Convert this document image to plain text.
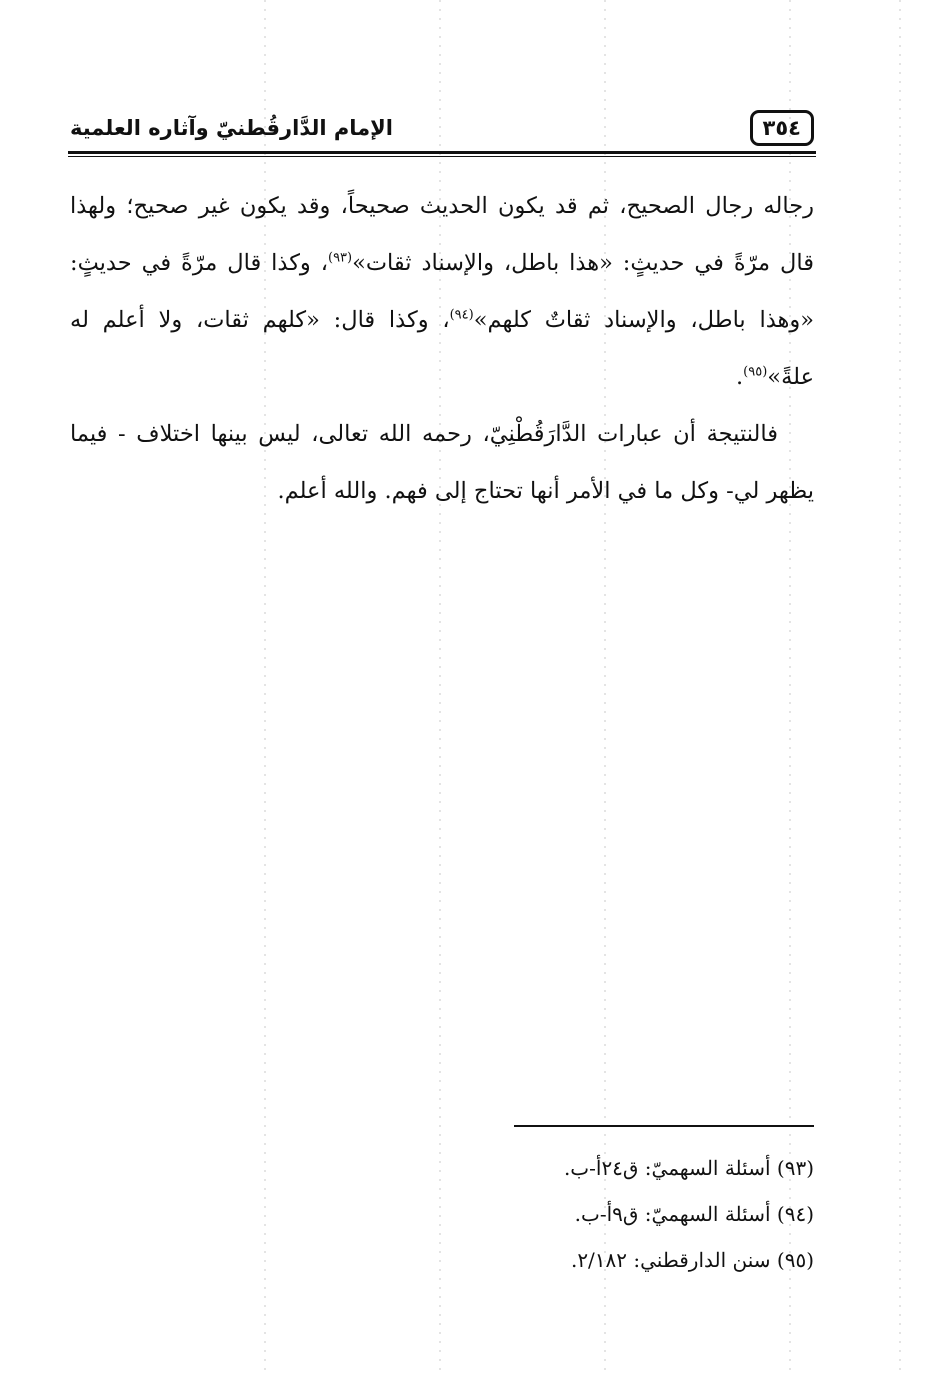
٣٥٤
الإمام الدَّارقُطنيّ وآثاره العلمية

رجاله رجال الصحيح، ثم قد يكون الحديث صحيحاً، وقد يكون غير صحيح؛ ولهذا قال مرّةً في حديثٍ: «هذا باطل، والإسناد ثقات»$^{(٩٣)}$، وكذا قال مرّةً في حديثٍ: «وهذا باطل، والإسناد ثقاتٌ كلهم»$^{(٩٤)}$، وكذا قال: «كلهم ثقات، ولا أعلم له علةً»$^{(٩٥)}$.

فالنتيجة أن عبارات الدَّارَقُطْنِيّ، رحمه الله تعالى، ليس بينها اختلاف - فيما يظهر لي- وكل ما في الأمر أنها تحتاج إلى فهم. والله أعلم.

(٩٣) أسئلة السهميّ: ق٢٤أ-ب.
(٩٤) أسئلة السهميّ: ق٩أ-ب.
(٩٥) سنن الدارقطني: ٢/١٨٢.
